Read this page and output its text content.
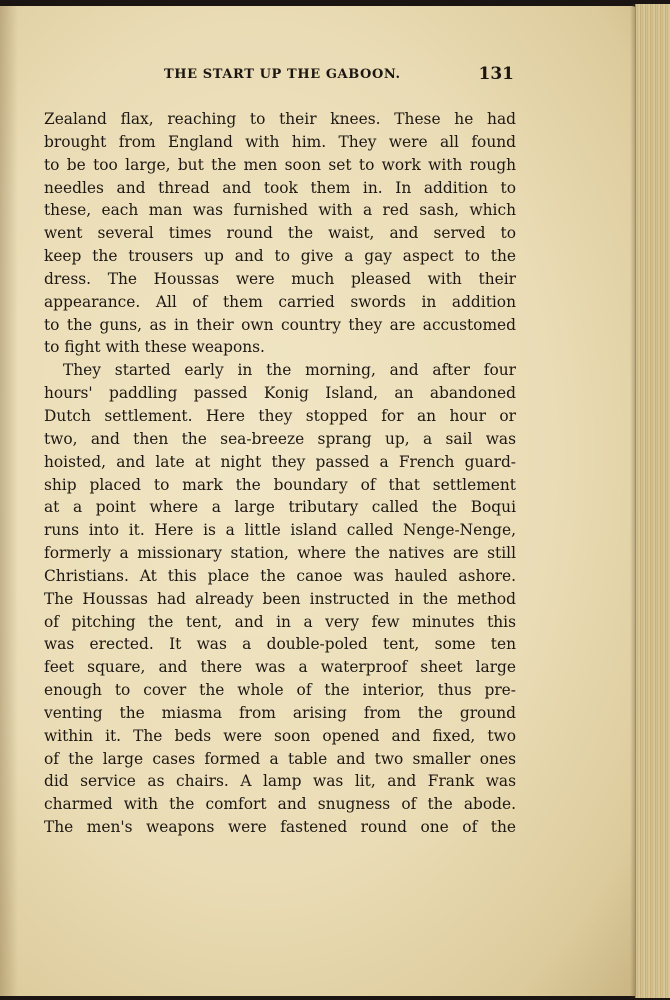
THE START UP THE GABOON.	131
Zealand flax, reaching to their knees. These he had
brought from England with him. They were all found
to be too large, but the men soon set to work with rough
needles and thread and took them in. In addition to
these, each man was furnished with a red sash, which
went several times round the waist, and served to
keep the trousers up and to give a gay aspect to the
dress. The Houssas were much pleased with their
appearance. All of them carried swords in addition
to the guns, as in their own country they are accustomed
to fight with these weapons.
They started early in the morning, and after four
hours' paddling passed Konig Island, an abandoned
Dutch settlement. Here they stopped for an hour or
two, and then the sea-breeze sprang up, a sail was
hoisted, and late at night they passed a French guard-
ship placed to mark the boundary of that settlement
at a point where a large tributary called the Boqui
runs into it. Here is a little island called Nenge-Nenge,
formerly a missionary station, where the natives are still
Christians. At this place the canoe was hauled ashore.
The Houssas had already been instructed in the method
of pitching the tent, and in a very few minutes this
was erected. It was a double-poled tent, some ten
feet square, and there was a waterproof sheet large
enough to cover the whole of the interior, thus pre-
venting the miasma from arising from the ground
within it. The beds were soon opened and fixed, two
of the large cases formed a table and two smaller ones
did service as chairs. A lamp was lit, and Frank was
charmed with the comfort and snugness of the abode.
The men's weapons were fastened round one of the
